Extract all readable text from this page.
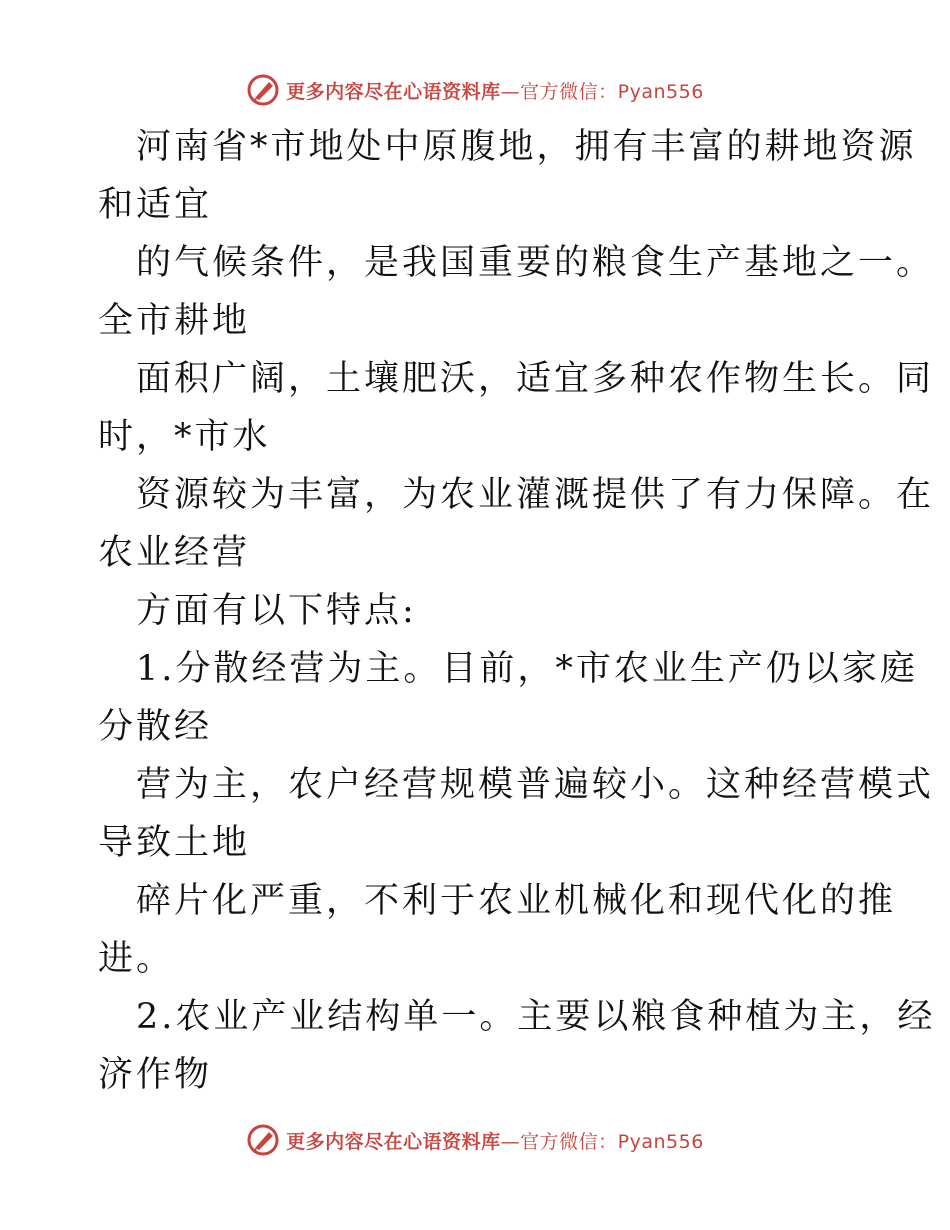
更多内容尽在心语资料库 —官方微信：Pyan556
河南省*市地处中原腹地，拥有丰富的耕地资源
和适宜
的气候条件，是我国重要的粮食生产基地之一。
全市耕地
面积广阔，土壤肥沃，适宜多种农作物生长。同
时，*市水
资源较为丰富，为农业灌溉提供了有力保障。在
农业经营
方面有以下特点:
1.分散经营为主。目前，*市农业生产仍以家庭
分散经
营为主，农户经营规模普遍较小。这种经营模式
导致土地
碎片化严重，不利于农业机械化和现代化的推
进。
2.农业产业结构单一。主要以粮食种植为主，经
济作物
更多内容尽在心语资料库 —官方微信：Pyan556
